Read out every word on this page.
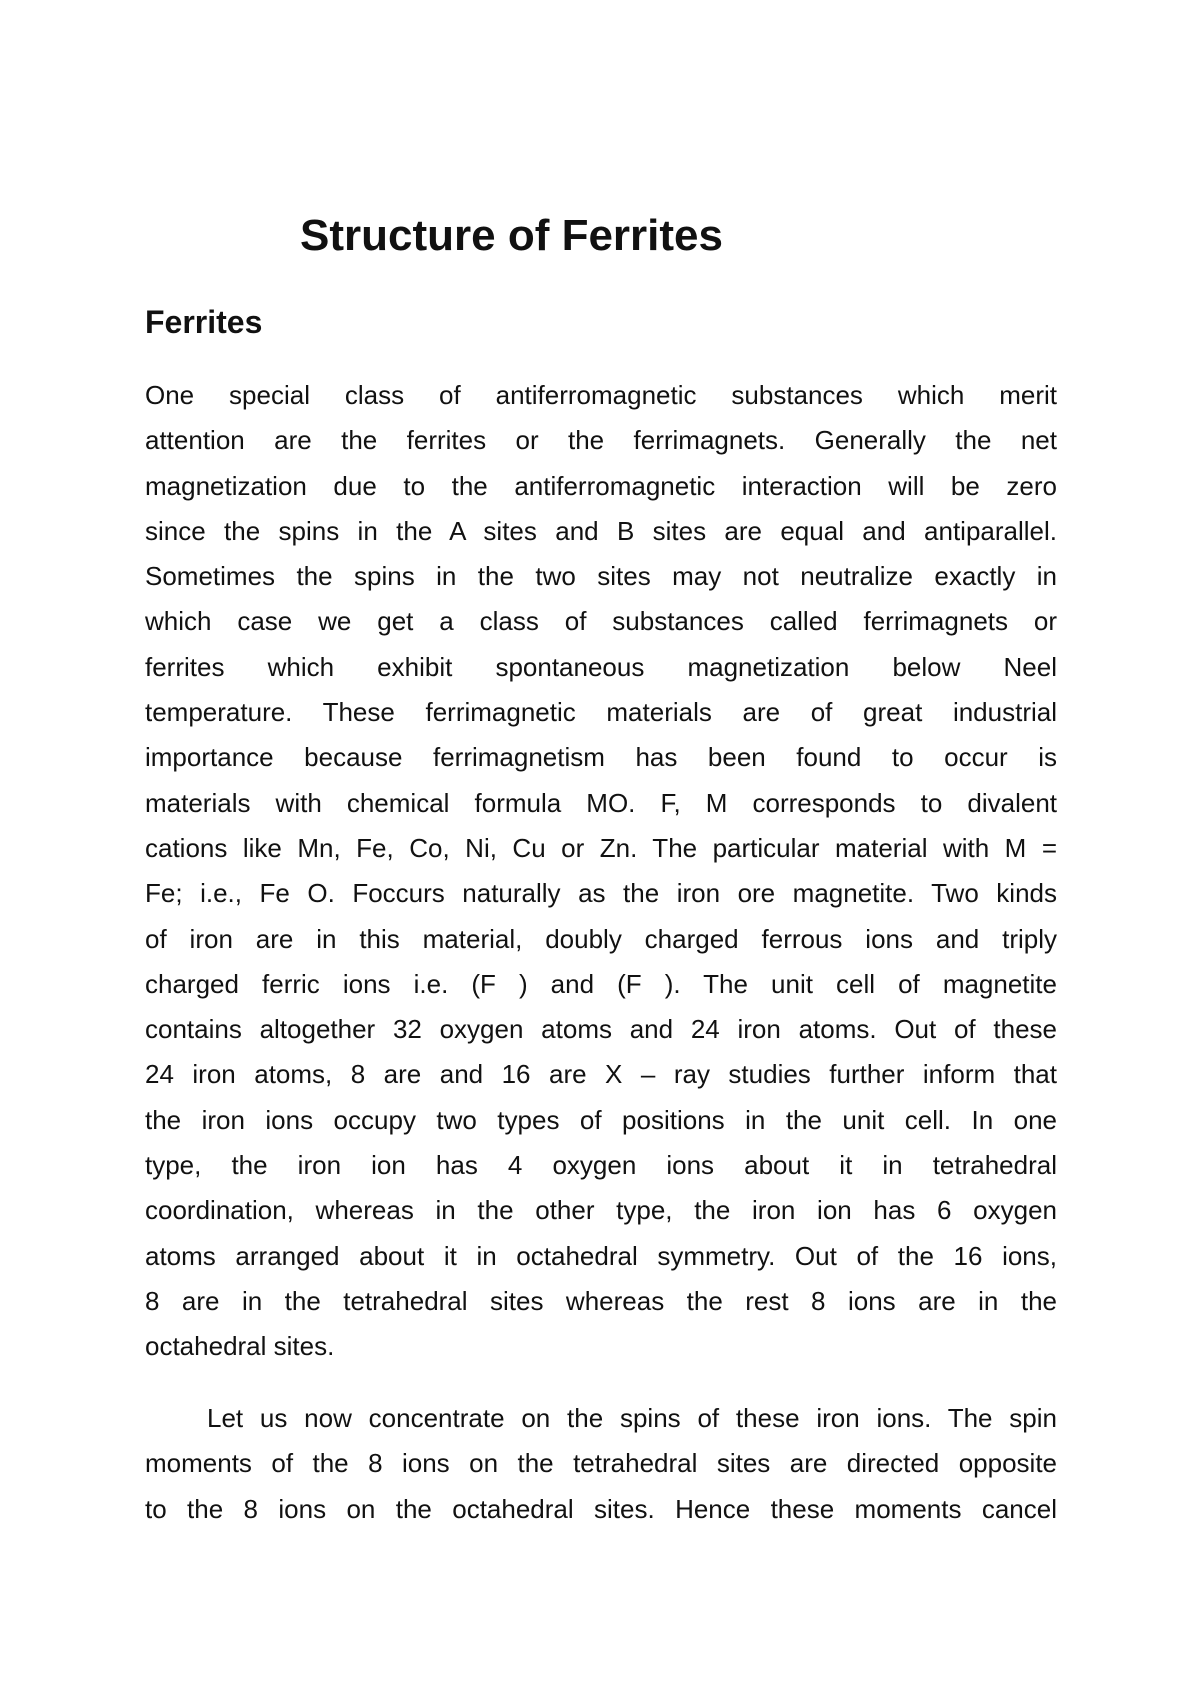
Structure of Ferrites
Ferrites
One special class of antiferromagnetic substances which merit
attention are the ferrites or the ferrimagnets. Generally the net
magnetization due to the antiferromagnetic interaction will be zero
since the spins in the A sites and B sites are equal and antiparallel.
Sometimes the spins in the two sites may not neutralize exactly in
which case we get a class of substances called ferrimagnets or
ferrites which exhibit spontaneous magnetization below Neel
temperature. These ferrimagnetic materials are of great industrial
importance because ferrimagnetism has been found to occur is
materials with chemical formula MO. F, M corresponds to divalent
cations like Mn, Fe, Co, Ni, Cu or Zn. The particular material with M =
Fe; i.e., Fe O. Foccurs naturally as the iron ore magnetite. Two kinds
of iron are in this material, doubly charged ferrous ions and triply
charged ferric ions i.e. (F ) and (F ). The unit cell of magnetite
contains altogether 32 oxygen atoms and 24 iron atoms. Out of these
24 iron atoms, 8 are and 16 are X – ray studies further inform that
the iron ions occupy two types of positions in the unit cell. In one
type, the iron ion has 4 oxygen ions about it in tetrahedral
coordination, whereas in the other type, the iron ion has 6 oxygen
atoms arranged about it in octahedral symmetry. Out of the 16 ions,
8 are in the tetrahedral sites whereas the rest 8 ions are in the
octahedral sites.
Let us now concentrate on the spins of these iron ions. The spin
moments of the 8 ions on the tetrahedral sites are directed opposite
to the 8 ions on the octahedral sites. Hence these moments cancel
